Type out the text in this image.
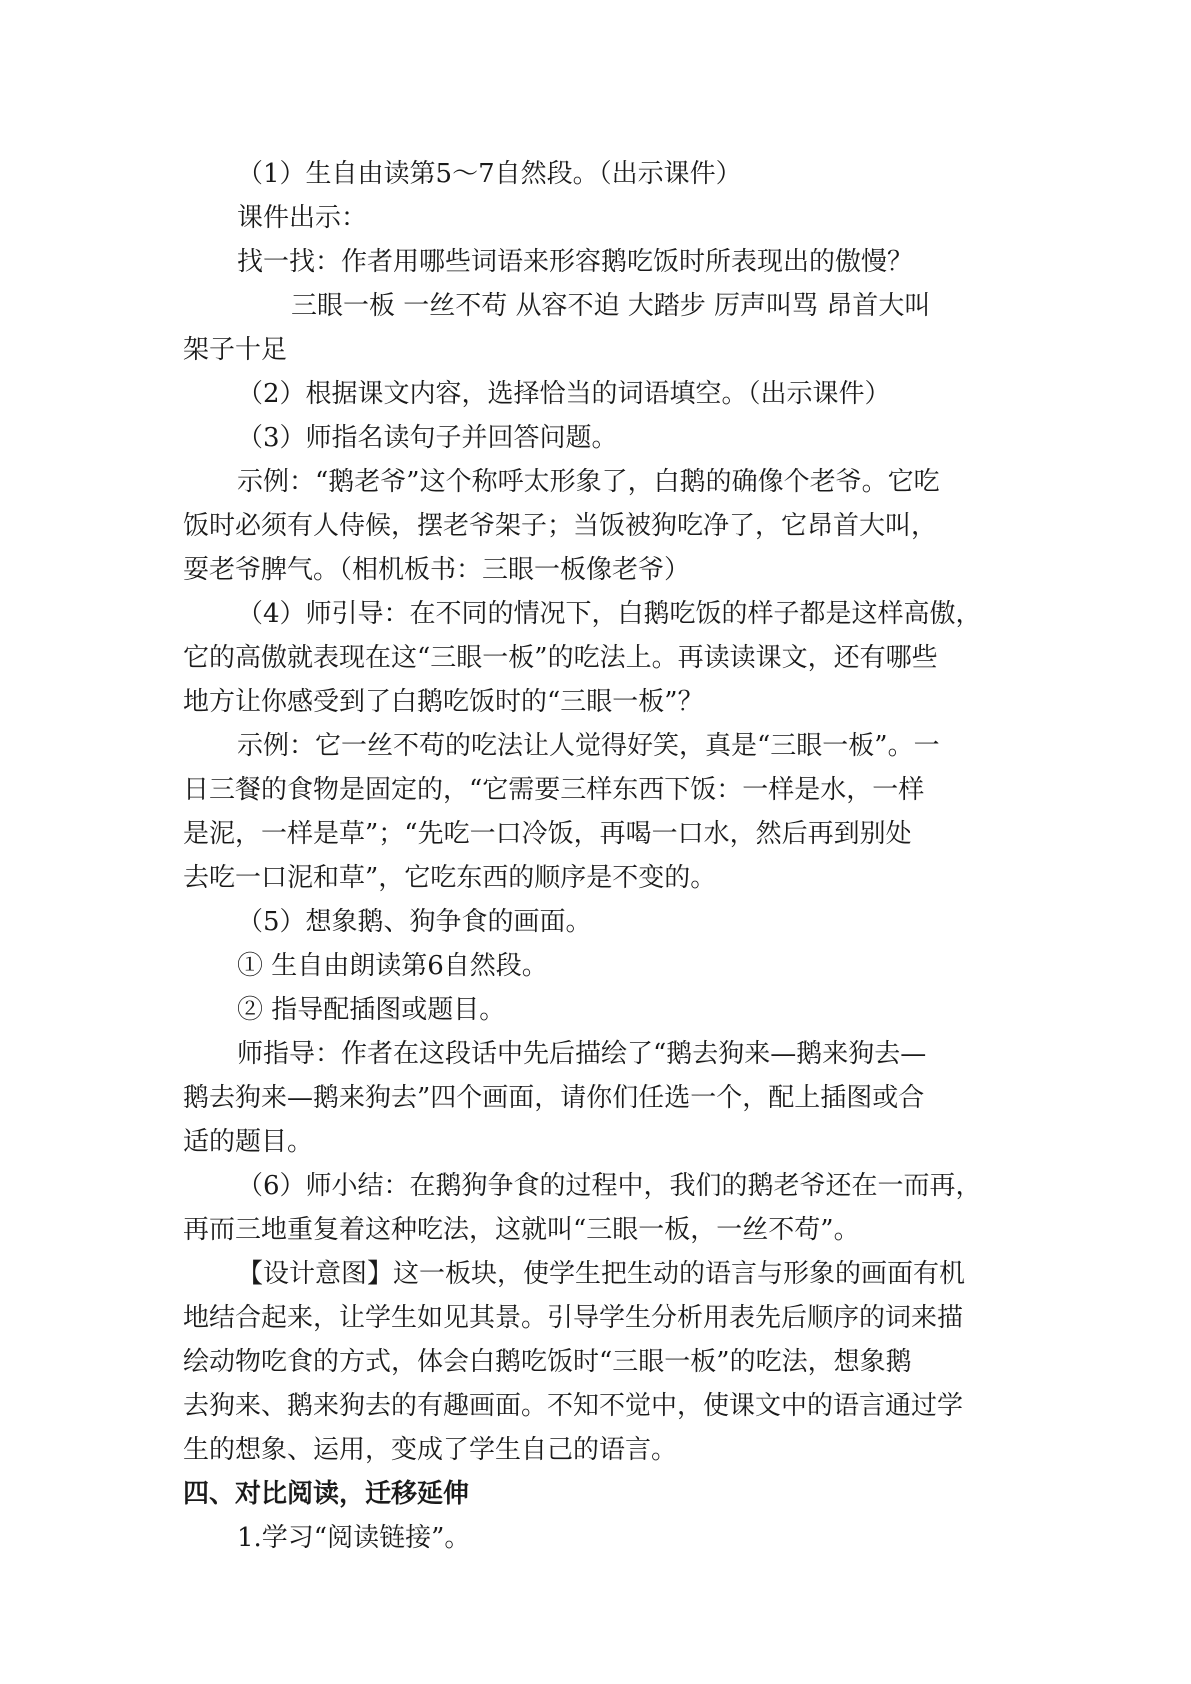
（1）生自由读第5～7自然段。（出示课件）
课件出示：
找一找：作者用哪些词语来形容鹅吃饭时所表现出的傲慢？
三眼一板 一丝不苟 从容不迫 大踏步 厉声叫骂 昂首大叫
架子十足
（2）根据课文内容，选择恰当的词语填空。（出示课件）
（3）师指名读句子并回答问题。
示例：“鹅老爷”这个称呼太形象了，白鹅的确像个老爷。它吃
饭时必须有人侍候，摆老爷架子；当饭被狗吃净了，它昂首大叫，
耍老爷脾气。（相机板书：三眼一板像老爷）
（4）师引导：在不同的情况下，白鹅吃饭的样子都是这样高傲，
它的高傲就表现在这“三眼一板”的吃法上。再读读课文，还有哪些
地方让你感受到了白鹅吃饭时的“三眼一板”？
示例：它一丝不苟的吃法让人觉得好笑，真是“三眼一板”。一
日三餐的食物是固定的，“它需要三样东西下饭：一样是水，一样
是泥，一样是草”；“先吃一口冷饭，再喝一口水，然后再到别处
去吃一口泥和草”，它吃东西的顺序是不变的。
（5）想象鹅、狗争食的画面。
① 生自由朗读第6自然段。
② 指导配插图或题目。
师指导：作者在这段话中先后描绘了“鹅去狗来—鹅来狗去—
鹅去狗来—鹅来狗去”四个画面，请你们任选一个，配上插图或合
适的题目。
（6）师小结：在鹅狗争食的过程中，我们的鹅老爷还在一而再，
再而三地重复着这种吃法，这就叫“三眼一板，一丝不苟”。
【设计意图】这一板块，使学生把生动的语言与形象的画面有机
地结合起来，让学生如见其景。引导学生分析用表先后顺序的词来描
绘动物吃食的方式，体会白鹅吃饭时“三眼一板”的吃法，想象鹅
去狗来、鹅来狗去的有趣画面。不知不觉中，使课文中的语言通过学
生的想象、运用，变成了学生自己的语言。
四、对比阅读，迁移延伸
1.学习“阅读链接”。
